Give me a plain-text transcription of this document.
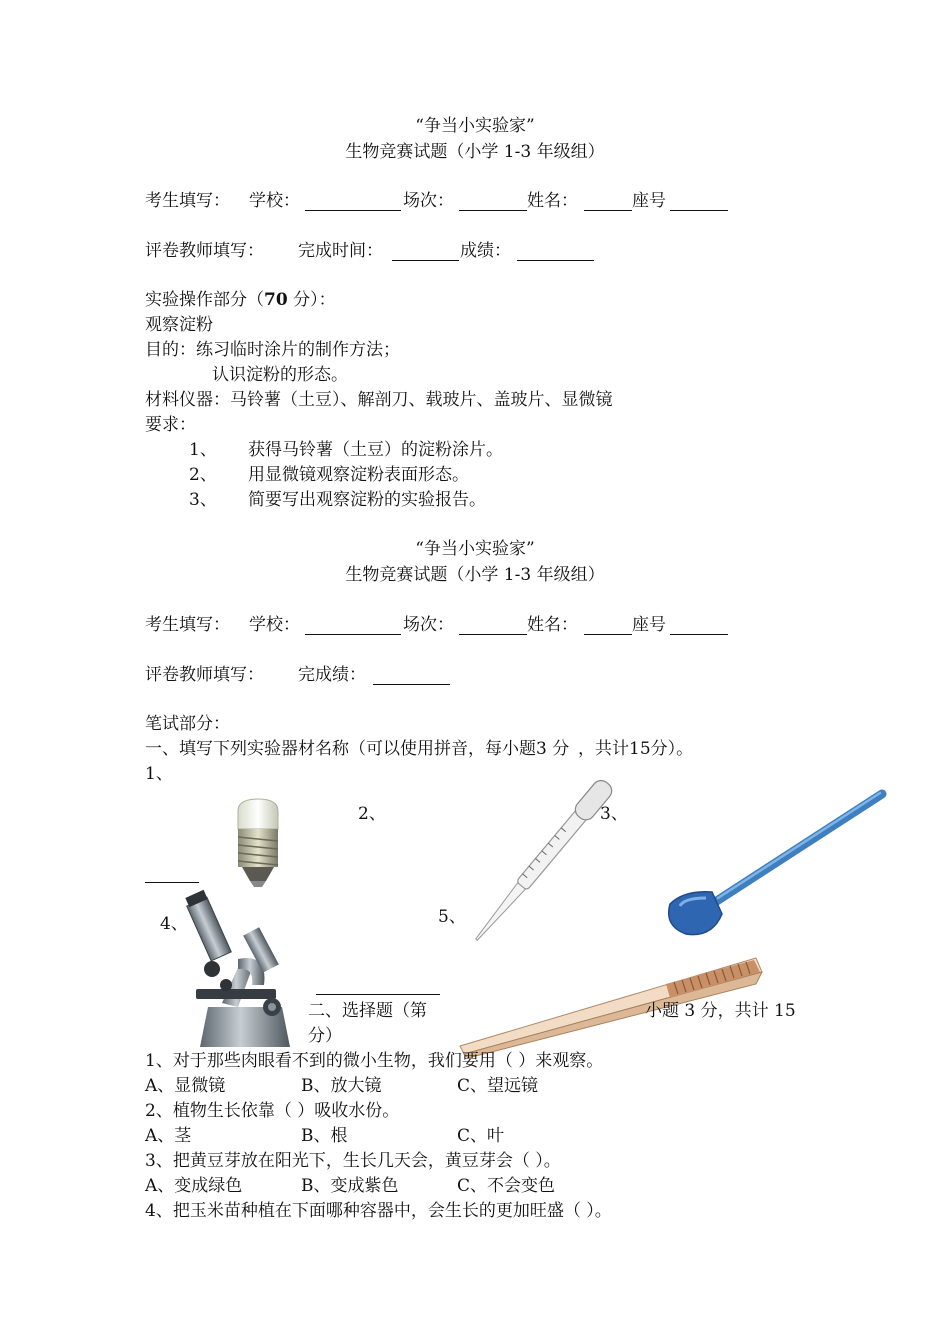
“争当小实验家”
生物竞赛试题（小学 1-3 年级组）
考生填写： 学校：	场次：	姓名：	座号
评卷教师填写： 完成时间：	成绩：
实验操作部分（70 分）：
观察淀粉
目的：练习临时涂片的制作方法；
认识淀粉的形态。
材料仪器：马铃薯（土豆）、解剖刀、载玻片、盖玻片、显微镜
要求：
1、 获得马铃薯（土豆）的淀粉涂片。
2、 用显微镜观察淀粉表面形态。
3、 简要写出观察淀粉的实验报告。
“争当小实验家”
生物竞赛试题（小学 1-3 年级组）
考生填写： 学校：	场次：	姓名：	座号
评卷教师填写： 完成绩：
笔试部分：
一、填写下列实验器材名称（可以使用拼音，每小题 3 分 ，共计15分）。
1、
2、	3、
4、	5、
二、选择题（第	小题 3 分，共计 15
分）
1、对于那些肉眼看不到的微小生物，我们要用（ ）来观察。
A、显微镜	B、放大镜	C、望远镜
2、植物生长依靠（ ）吸收水份。
A、茎	B、根	C、叶
3、把黄豆芽放在阳光下，生长几天会，黄豆芽会（ ）。
A、变成绿色	B、变成紫色	C、不会变色
4、把玉米苗种植在下面哪种容器中，会生长的更加旺盛（ ）。
